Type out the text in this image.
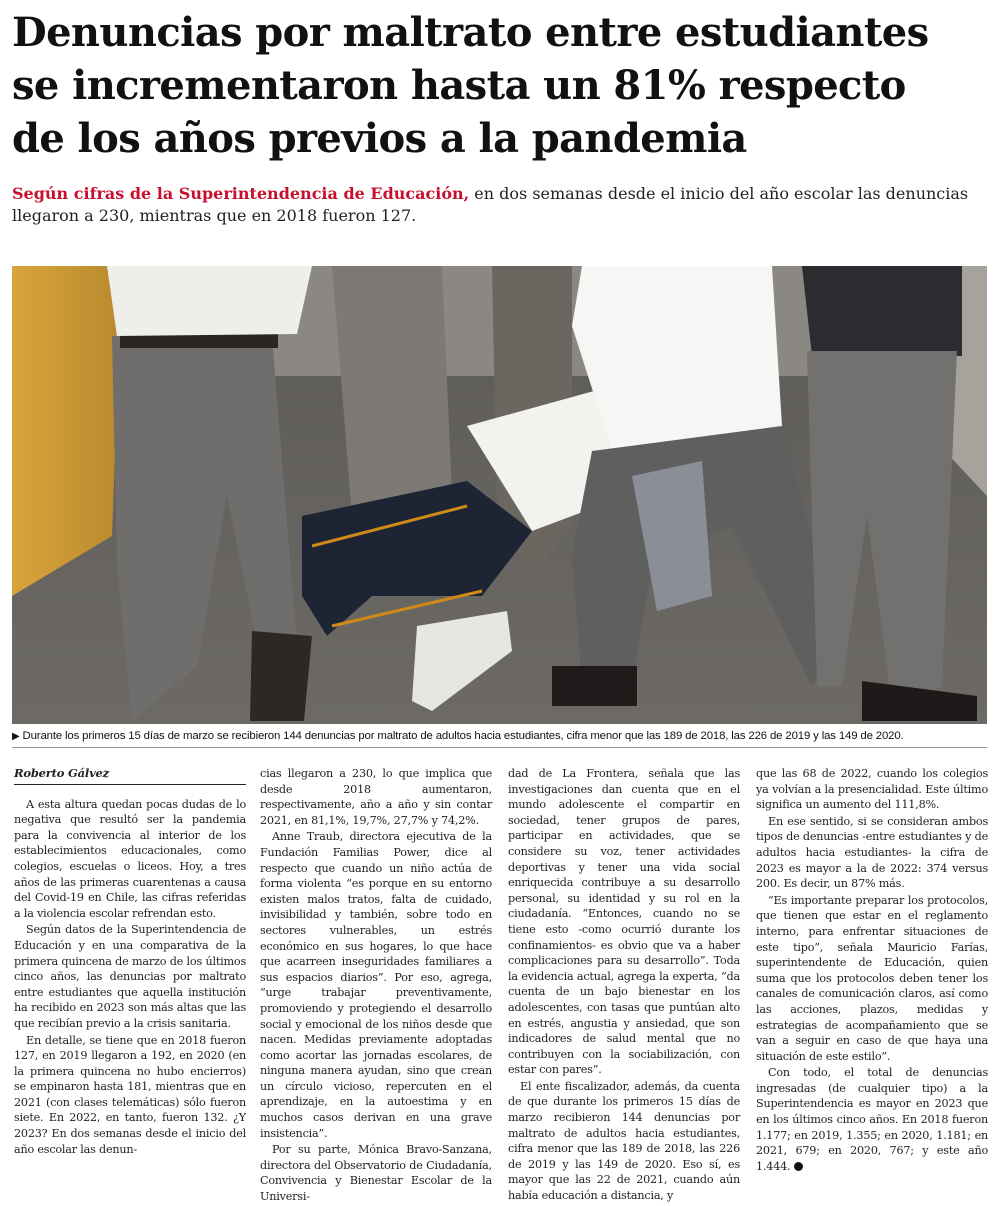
Denuncias por maltrato entre estudiantes
se incrementaron hasta un 81% respecto
de los años previos a la pandemia

Según cifras de la Superintendencia de Educación, en dos semanas desde el inicio del año escolar las denuncias llegaron a 230, mientras que en 2018 fueron 127.

▶ Durante los primeros 15 días de marzo se recibieron 144 denuncias por maltrato de adultos hacia estudiantes, cifra menor que las 189 de 2018, las 226 de 2019 y las 149 de 2020.
Roberto Gálvez

A esta altura quedan pocas dudas de lo negativa que resultó ser la pandemia para la convivencia al interior de los establecimientos educacionales, como colegios, escuelas o liceos. Hoy, a tres años de las primeras cuarentenas a causa del Covid-19 en Chile, las cifras referidas a la violencia escolar refrendan esto.

Según datos de la Superintendencia de Educación y en una comparativa de la primera quincena de marzo de los últimos cinco años, las denuncias por maltrato entre estudiantes que aquella institución ha recibido en 2023 son más altas que las que recibían previo a la crisis sanitaria.

En detalle, se tiene que en 2018 fueron 127, en 2019 llegaron a 192, en 2020 (en la primera quincena no hubo encierros) se empinaron hasta 181, mientras que en 2021 (con clases telemáticas) sólo fueron siete. En 2022, en tanto, fueron 132. ¿Y 2023? En dos semanas desde el inicio del año escolar las denun-

cias llegaron a 230, lo que implica que desde 2018 aumentaron, respectivamente, año a año y sin contar 2021, en 81,1%, 19,7%, 27,7% y 74,2%.

Anne Traub, directora ejecutiva de la Fundación Familias Power, dice al respecto que cuando un niño actúa de forma violenta “es porque en su entorno existen malos tratos, falta de cuidado, invisibilidad y también, sobre todo en sectores vulnerables, un estrés económico en sus hogares, lo que hace que acarreen inseguridades familiares a sus espacios diarios”. Por eso, agrega, “urge trabajar preventivamente, promoviendo y protegiendo el desarrollo social y emocional de los niños desde que nacen. Medidas previamente adoptadas como acortar las jornadas escolares, de ninguna manera ayudan, sino que crean un círculo vicioso, repercuten en el aprendizaje, en la autoestima y en muchos casos derivan en una grave insistencia”.

Por su parte, Mónica Bravo-Sanzana, directora del Observatorio de Ciudadanía, Convivencia y Bienestar Escolar de la Universi-

dad de La Frontera, señala que las investigaciones dan cuenta que en el mundo adolescente el compartir en sociedad, tener grupos de pares, participar en actividades, que se considere su voz, tener actividades deportivas y tener una vida social enriquecida contribuye a su desarrollo personal, su identidad y su rol en la ciudadanía. “Entonces, cuando no se tiene esto -como ocurrió durante los confinamientos- es obvio que va a haber complicaciones para su desarrollo”. Toda la evidencia actual, agrega la experta, “da cuenta de un bajo bienestar en los adolescentes, con tasas que puntúan alto en estrés, angustia y ansiedad, que son indicadores de salud mental que no contribuyen con la sociabilización, con estar con pares”.

El ente fiscalizador, además, da cuenta de que durante los primeros 15 días de marzo recibieron 144 denuncias por maltrato de adultos hacia estudiantes, cifra menor que las 189 de 2018, las 226 de 2019 y las 149 de 2020. Eso sí, es mayor que las 22 de 2021, cuando aún había educación a distancia, y

que las 68 de 2022, cuando los colegios ya volvían a la presencialidad. Este último significa un aumento del 111,8%.

En ese sentido, si se consideran ambos tipos de denuncias -entre estudiantes y de adultos hacia estudiantes- la cifra de 2023 es mayor a la de 2022: 374 versus 200. Es decir, un 87% más.

“Es importante preparar los protocolos, que tienen que estar en el reglamento interno, para enfrentar situaciones de este tipo”, señala Mauricio Farías, superintendente de Educación, quien suma que los protocolos deben tener los canales de comunicación claros, así como las acciones, plazos, medidas y estrategias de acompañamiento que se van a seguir en caso de que haya una situación de este estilo”.

Con todo, el total de denuncias ingresadas (de cualquier tipo) a la Superintendencia es mayor en 2023 que en los últimos cinco años. En 2018 fueron 1.177; en 2019, 1.355; en 2020, 1.181; en 2021, 679; en 2020, 767; y este año 1.444.
